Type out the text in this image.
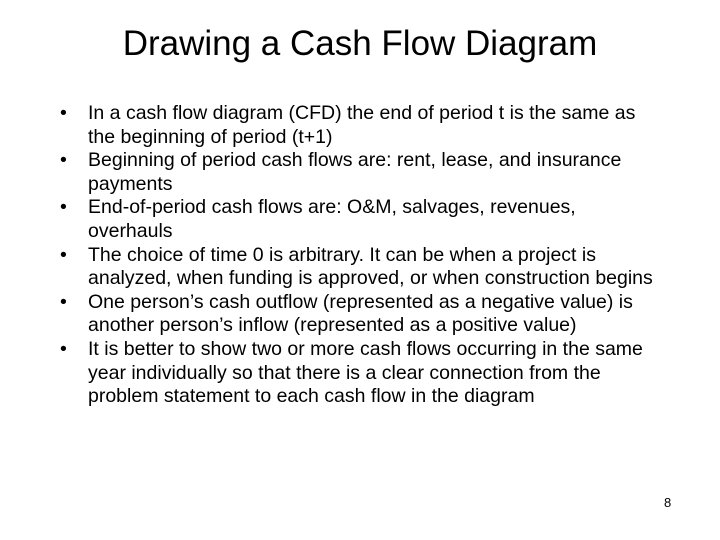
Drawing a Cash Flow Diagram
•	In a cash flow diagram (CFD) the end of period t is the same as the beginning of period (t+1)
•	Beginning of period cash flows are: rent, lease, and insurance payments
•	End-of-period cash flows are: O&M, salvages, revenues, overhauls
•	The choice of time 0 is arbitrary. It can be when a project is analyzed, when funding is approved, or when construction begins
•	One person’s cash outflow (represented as a negative value) is another person’s inflow (represented as a positive value)
•	It is better to show two or more cash flows occurring in the same year individually so that there is a clear connection from the problem statement to each cash flow in the diagram
8
